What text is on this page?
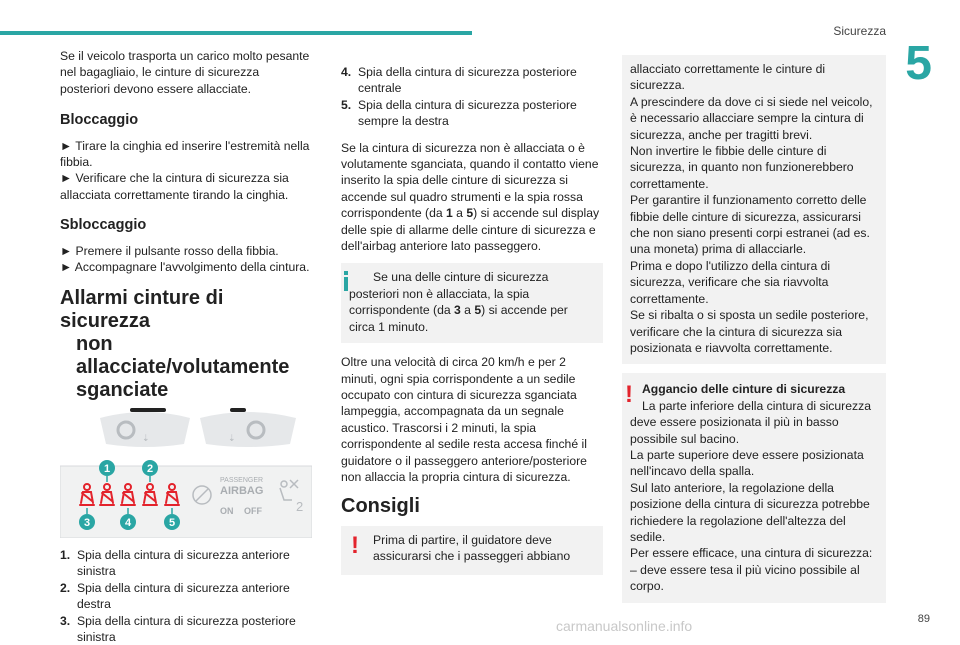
Sicurezza
5
89

Se il veicolo trasporta un carico molto pesante nel bagagliaio, le cinture di sicurezza posteriori devono essere allacciate.

Bloccaggio

► Tirare la cinghia ed inserire l'estremità nella fibbia.

► Verificare che la cintura di sicurezza sia allacciata correttamente tirando la cinghia.

Sbloccaggio

► Premere il pulsante rosso della fibbia.

► Accompagnare l'avvolgimento della cintura.

Allarmi cinture di sicurezza
non allacciate/volutamente
sganciate
⇣	⇣
1	2
3	4	5
PASSENGER
AIRBAG
ON OFF	2
1. Spia della cintura di sicurezza anteriore sinistra
2. Spia della cintura di sicurezza anteriore destra
3. Spia della cintura di sicurezza posteriore sinistra
4. Spia della cintura di sicurezza posteriore centrale
5. Spia della cintura di sicurezza posteriore sempre la destra

Se la cintura di sicurezza non è allacciata o è volutamente sganciata, quando il contatto viene inserito la spia delle cinture di sicurezza si accende sul quadro strumenti e la spia rossa corrispondente (da 1 a 5) si accende sul display delle spie di allarme delle cinture di sicurezza e dell'airbag anteriore lato passeggero.

Se una delle cinture di sicurezza posteriori non è allacciata, la spia corrispondente (da 3 a 5) si accende per circa 1 minuto.

Oltre una velocità di circa 20 km/h e per 2 minuti, ogni spia corrispondente a un sedile occupato con cintura di sicurezza sganciata lampeggia, accompagnata da un segnale acustico. Trascorsi i 2 minuti, la spia corrispondente al sedile resta accesa finché il guidatore o il passeggero anteriore/posteriore non allaccia la propria cintura di sicurezza.

Consigli

! Prima di partire, il guidatore deve assicurarsi che i passeggeri abbiano

allacciato correttamente le cinture di sicurezza.

A prescindere da dove ci si siede nel veicolo, è necessario allacciare sempre la cintura di sicurezza, anche per tragitti brevi.

Non invertire le fibbie delle cinture di sicurezza, in quanto non funzionerebbero correttamente.

Per garantire il funzionamento corretto delle fibbie delle cinture di sicurezza, assicurarsi che non siano presenti corpi estranei (ad es. una moneta) prima di allacciarle.

Prima e dopo l'utilizzo della cintura di sicurezza, verificare che sia riavvolta correttamente.

Se si ribalta o si sposta un sedile posteriore, verificare che la cintura di sicurezza sia posizionata e riavvolta correttamente.

! Aggancio delle cinture di sicurezza

La parte inferiore della cintura di sicurezza deve essere posizionata il più in basso possibile sul bacino.

La parte superiore deve essere posizionata nell'incavo della spalla.

Sul lato anteriore, la regolazione della posizione della cintura di sicurezza potrebbe richiedere la regolazione dell'altezza del sedile.

Per essere efficace, una cintura di sicurezza:

– deve essere tesa il più vicino possibile al corpo.

carmanualsonline.info
